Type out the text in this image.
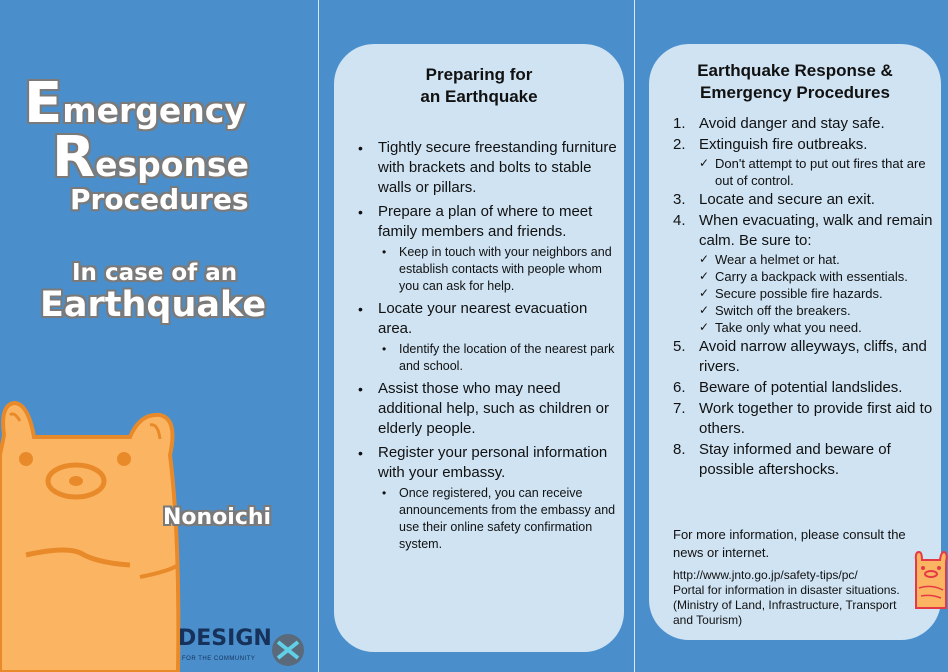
Emergency
Response
Procedures
In case of an
Earthquake
Nonoichi
DESIGN
FOR THE COMMUNITY
Preparing for
an Earthquake
• Tightly secure freestanding furniture with brackets and bolts to stable walls or pillars.
• Prepare a plan of where to meet family members and friends.
• Keep in touch with your neighbors and establish contacts with people whom you can ask for help.
• Locate your nearest evacuation area.
• Identify the location of the nearest park and school.
• Assist those who may need additional help, such as children or elderly people.
• Register your personal information with your embassy.
• Once registered, you can receive announcements from the embassy and use their online safety confirmation system.
Earthquake Response &
Emergency Procedures
1. Avoid danger and stay safe.
2. Extinguish fire outbreaks.
✓ Don't attempt to put out fires that are out of control.
3. Locate and secure an exit.
4. When evacuating, walk and remain calm. Be sure to:
✓ Wear a helmet or hat.
✓ Carry a backpack with essentials.
✓ Secure possible fire hazards.
✓ Switch off the breakers.
✓ Take only what you need.
5. Avoid narrow alleyways, cliffs, and rivers.
6. Beware of potential landslides.
7. Work together to provide first aid to others.
8. Stay informed and beware of possible aftershocks.
For more information, please consult the news or internet.
http://www.jnto.go.jp/safety-tips/pc/
Portal for information in disaster situations. (Ministry of Land, Infrastructure, Transport and Tourism)
